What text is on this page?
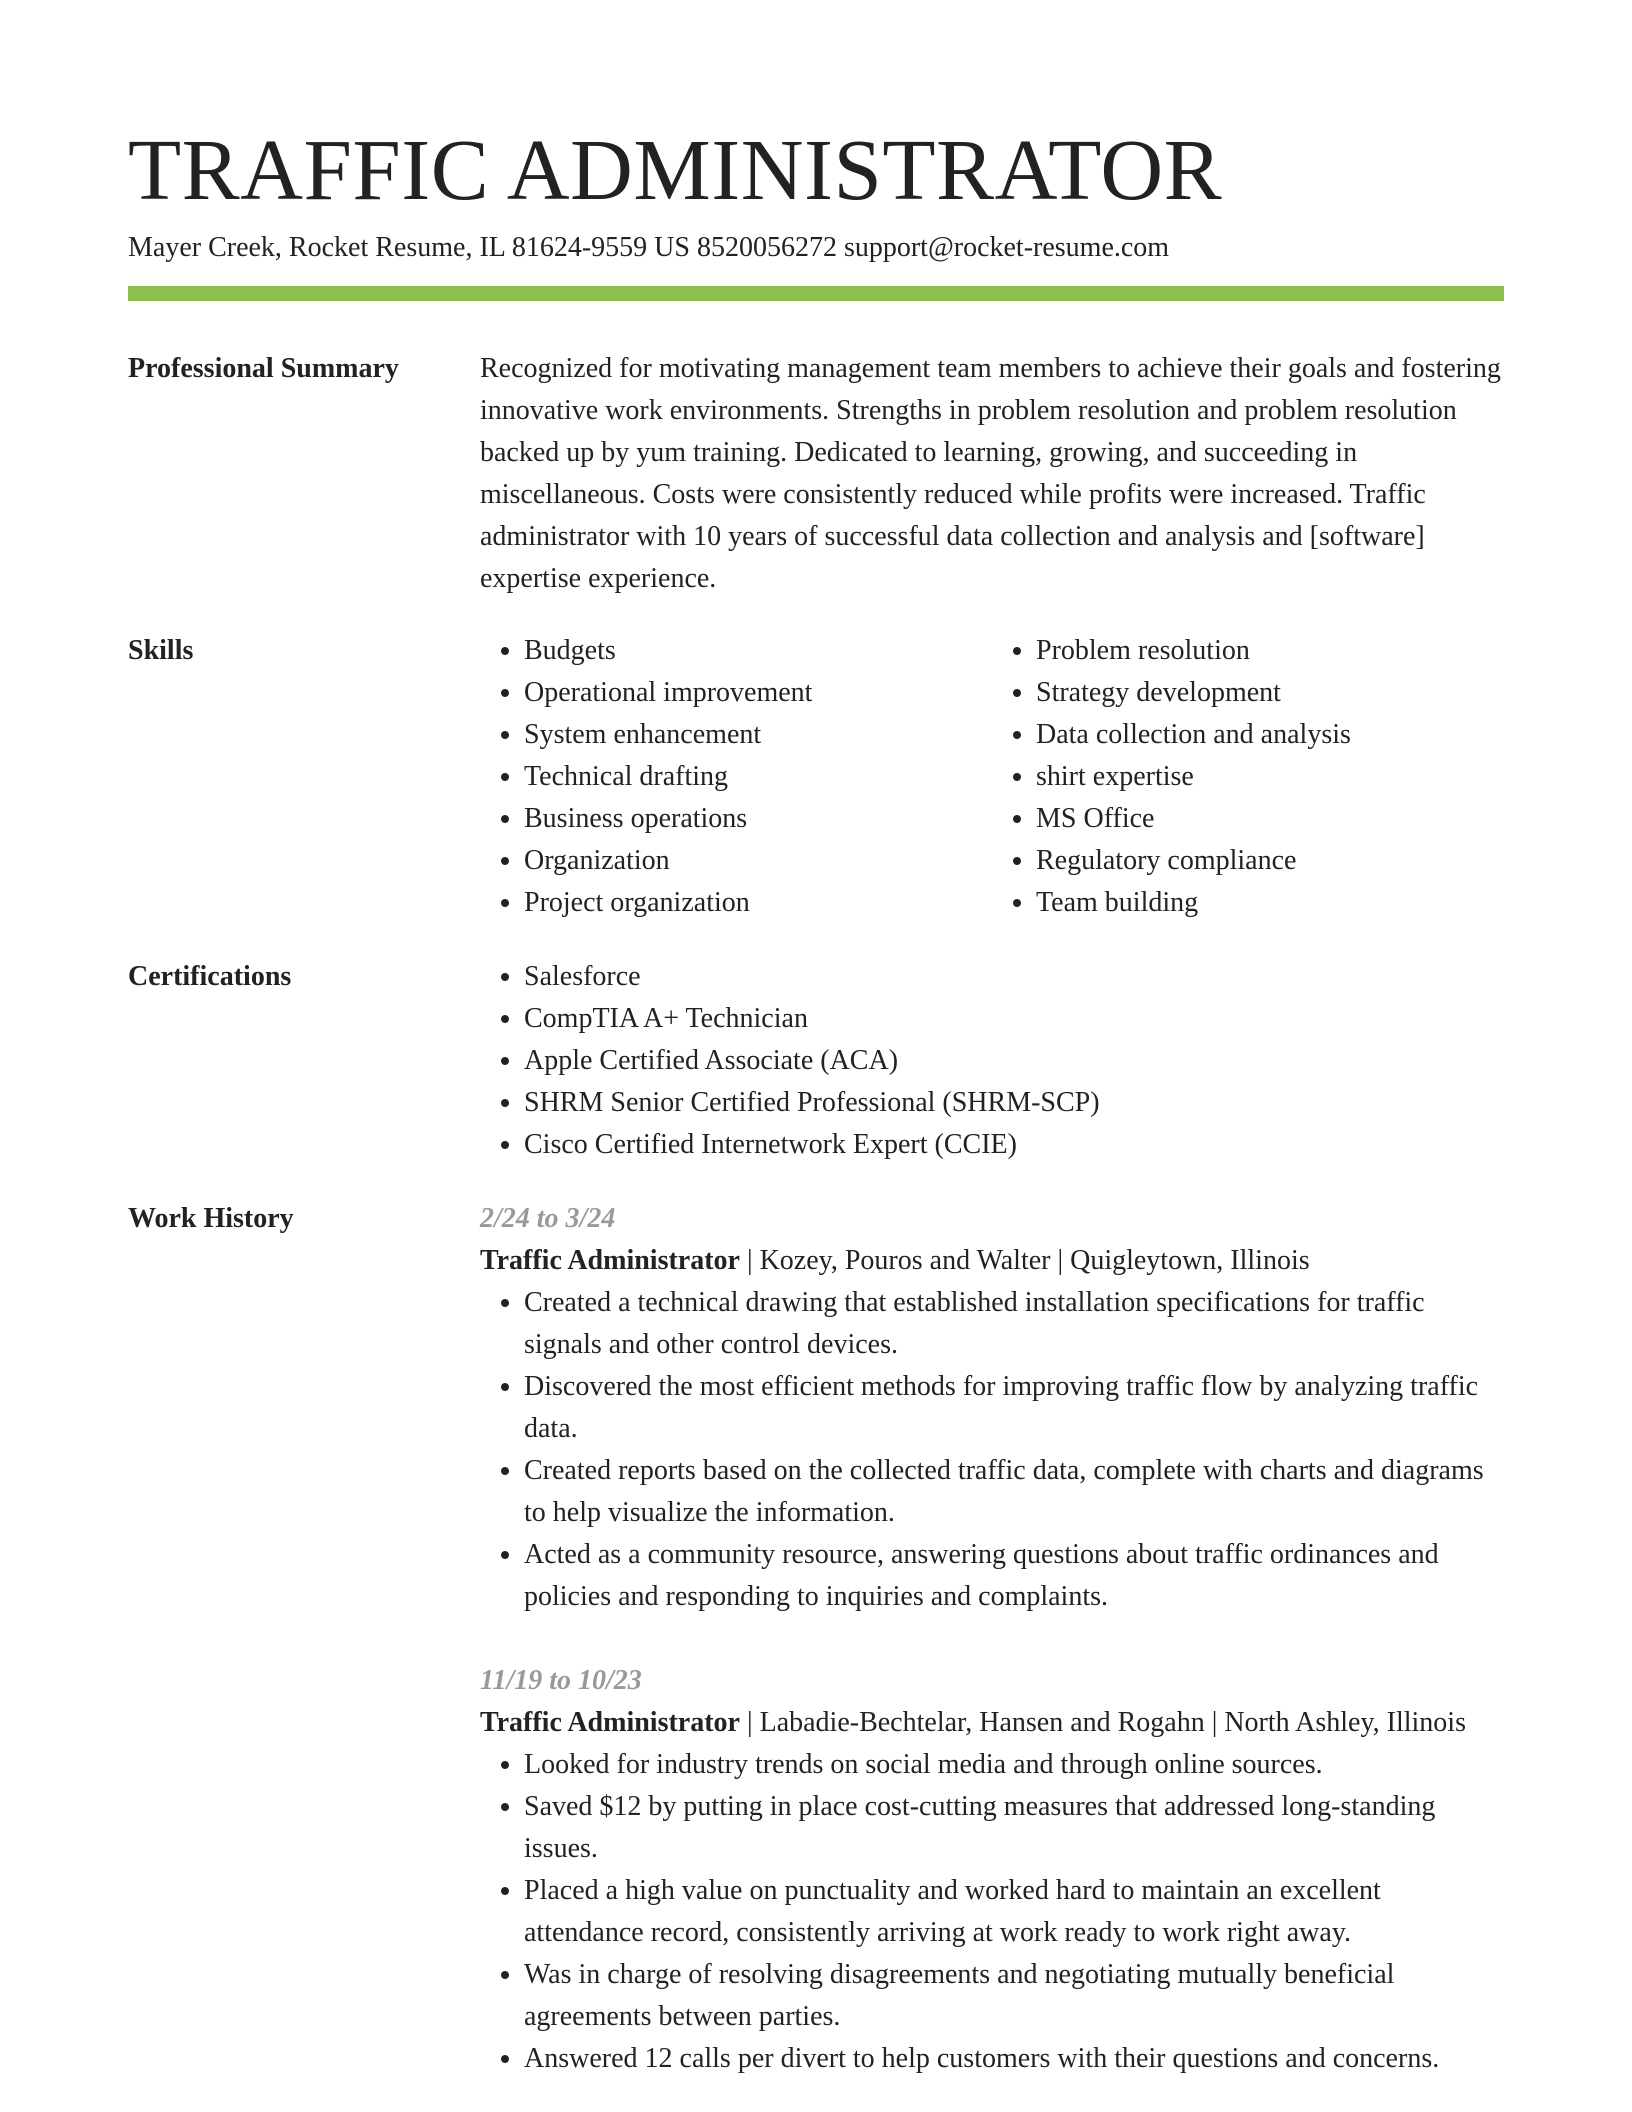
TRAFFIC ADMINISTRATOR
Mayer Creek, Rocket Resume, IL 81624-9559 US 8520056272 support@rocket-resume.com
Professional Summary	Recognized for motivating management team members to achieve their goals and fostering innovative work environments. Strengths in problem resolution and problem resolution backed up by yum training. Dedicated to learning, growing, and succeeding in miscellaneous. Costs were consistently reduced while profits were increased. Traffic administrator with 10 years of successful data collection and analysis and [software] expertise experience.

Skills	• Budgets
• Operational improvement
• System enhancement
• Technical drafting
• Business operations
• Organization
• Project organization
• Problem resolution
• Strategy development
• Data collection and analysis
• shirt expertise
• MS Office
• Regulatory compliance
• Team building
Certifications	• Salesforce
• CompTIA A+ Technician
• Apple Certified Associate (ACA)
• SHRM Senior Certified Professional (SHRM-SCP)
• Cisco Certified Internetwork Expert (CCIE)
Work History	2/24 to 3/24
Traffic Administrator | Kozey, Pouros and Walter | Quigleytown, Illinois
• Created a technical drawing that established installation specifications for traffic signals and other control devices.
• Discovered the most efficient methods for improving traffic flow by analyzing traffic data.
• Created reports based on the collected traffic data, complete with charts and diagrams to help visualize the information.
• Acted as a community resource, answering questions about traffic ordinances and policies and responding to inquiries and complaints.
11/19 to 10/23
Traffic Administrator | Labadie-Bechtelar, Hansen and Rogahn | North Ashley, Illinois
• Looked for industry trends on social media and through online sources.
• Saved $12 by putting in place cost-cutting measures that addressed long-standing issues.
• Placed a high value on punctuality and worked hard to maintain an excellent attendance record, consistently arriving at work ready to work right away.
• Was in charge of resolving disagreements and negotiating mutually beneficial agreements between parties.
• Answered 12 calls per divert to help customers with their questions and concerns.
